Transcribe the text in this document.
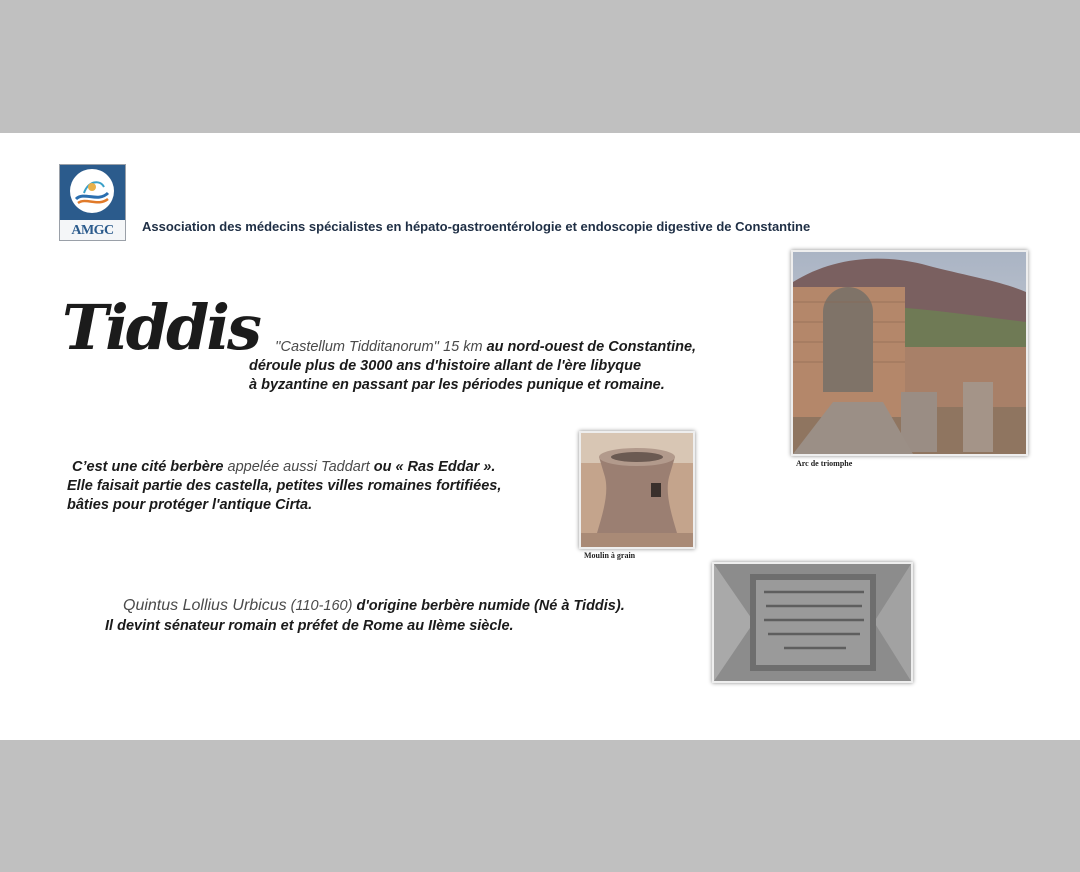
AMGC	Association des médecins spécialistes en hépato-gastroentérologie et endoscopie digestive de Constantine
Tiddis	''Castellum Tidditanorum'' 15 km au nord-ouest de Constantine,
déroule plus de 3000 ans d'histoire allant de l'ère libyque
à byzantine en passant par les périodes punique et romaine.
C’est une cité berbère appelée aussi Taddart ou « Ras Eddar ».
Elle faisait partie des castella, petites villes romaines fortifiées,
bâties pour protéger l'antique Cirta.
Quintus Lollius Urbicus (110-160) d'origine berbère numide (Né à Tiddis).
Il devint sénateur romain et préfet de Rome au IIème siècle.
Arc de triomphe
Moulin à grain
